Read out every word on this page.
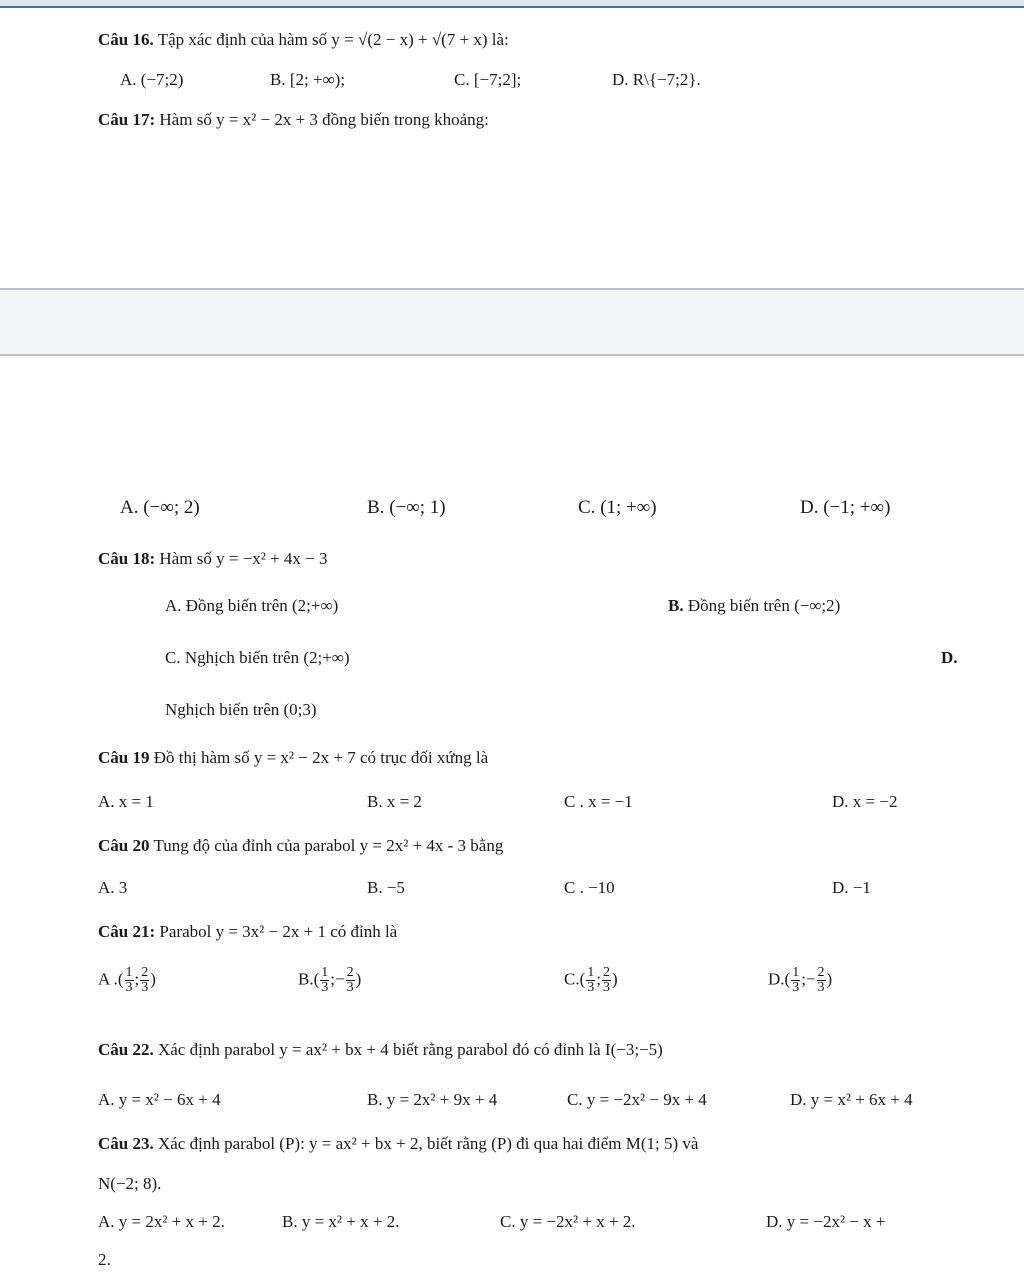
Câu 16. Tập xác định của hàm số y = √(2 − x) + √(7 + x) là:
A. (−7;2)	B. [2; +∞);	C. [−7;2];	D. R\{−7;2}.
Câu 17: Hàm số y = x² − 2x + 3 đồng biến trong khoảng:
A. (−∞; 2)	B. (−∞; 1)	C. (1; +∞)	D. (−1; +∞)
Câu 18: Hàm số y = −x² + 4x − 3
A. Đồng biến trên (2;+∞)	B. Đồng biến trên (−∞;2)
C. Nghịch biến trên (2;+∞)	D.
Nghịch biến trên (0;3)
Câu 19 Đồ thị hàm số y = x² − 2x + 7 có trục đối xứng là
A. x = 1	B. x = 2	C . x = −1	D. x = −2
Câu 20 Tung độ của đỉnh của parabol y = 2x² + 4x - 3 bằng
A. 3	B. −5	C . −10	D. −1
Câu 21: Parabol y = 3x² − 2x + 1 có đỉnh là
A .( $\frac{1}{3}$ ; $\frac{2}{3}$ )	$B.( \frac{1}{3}$ ;− $\frac{2}{3}$ )	$C.( \frac{1}{3}$ ; $\frac{2}{3}$ )	$D.( \frac{1}{3}$ ;− $\frac{2}{3}$ )
Câu 22. Xác định parabol y = ax² + bx + 4 biết rằng parabol đó có đỉnh là I(−3;−5)
A. y = x² − 6x + 4	B. y = 2x² + 9x + 4	C. y = −2x² − 9x + 4	D. y = x² + 6x + 4
Câu 23. Xác định parabol (P): y = ax² + bx + 2, biết rằng (P) đi qua hai điểm M(1; 5) và
N(−2; 8).
A. y = 2x² + x + 2.	B. y = x² + x + 2.	C. y = −2x² + x + 2.	D. y = −2x² − x +
2.
